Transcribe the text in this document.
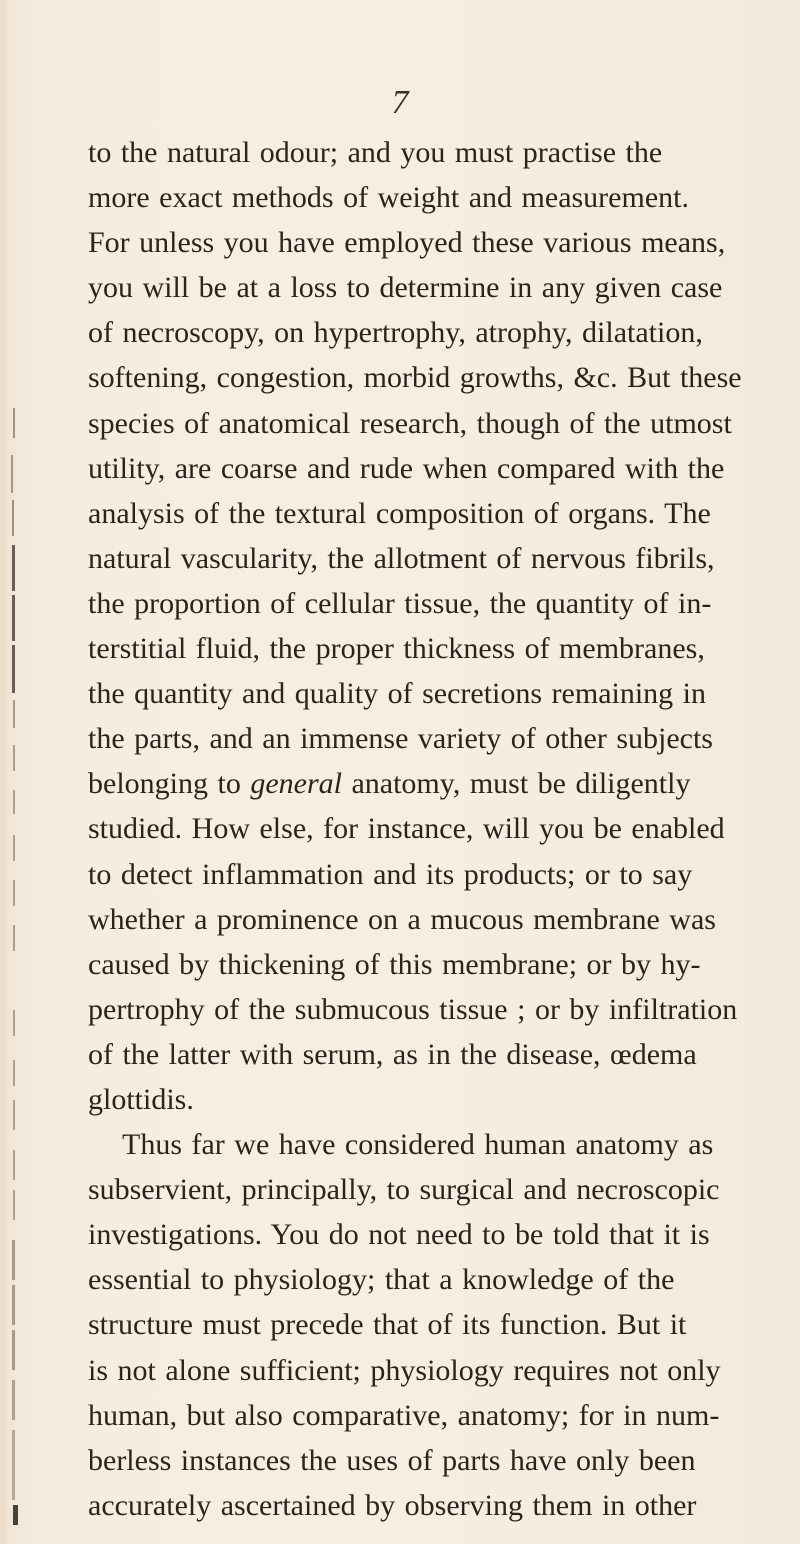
7
to the natural odour; and you must practise the
more exact methods of weight and measurement.
For unless you have employed these various means,
you will be at a loss to determine in any given case
of necroscopy, on hypertrophy, atrophy, dilatation,
softening, congestion, morbid growths, &c. But these
species of anatomical research, though of the utmost
utility, are coarse and rude when compared with the
analysis of the textural composition of organs. The
natural vascularity, the allotment of nervous fibrils,
the proportion of cellular tissue, the quantity of in-
terstitial fluid, the proper thickness of membranes,
the quantity and quality of secretions remaining in
the parts, and an immense variety of other subjects
belonging to general anatomy, must be diligently
studied. How else, for instance, will you be enabled
to detect inflammation and its products; or to say
whether a prominence on a mucous membrane was
caused by thickening of this membrane; or by hy-
pertrophy of the submucous tissue ; or by infiltration
of the latter with serum, as in the disease, œdema
glottidis.
Thus far we have considered human anatomy as
subservient, principally, to surgical and necroscopic
investigations. You do not need to be told that it is
essential to physiology; that a knowledge of the
structure must precede that of its function. But it
is not alone sufficient; physiology requires not only
human, but also comparative, anatomy; for in num-
berless instances the uses of parts have only been
accurately ascertained by observing them in other
